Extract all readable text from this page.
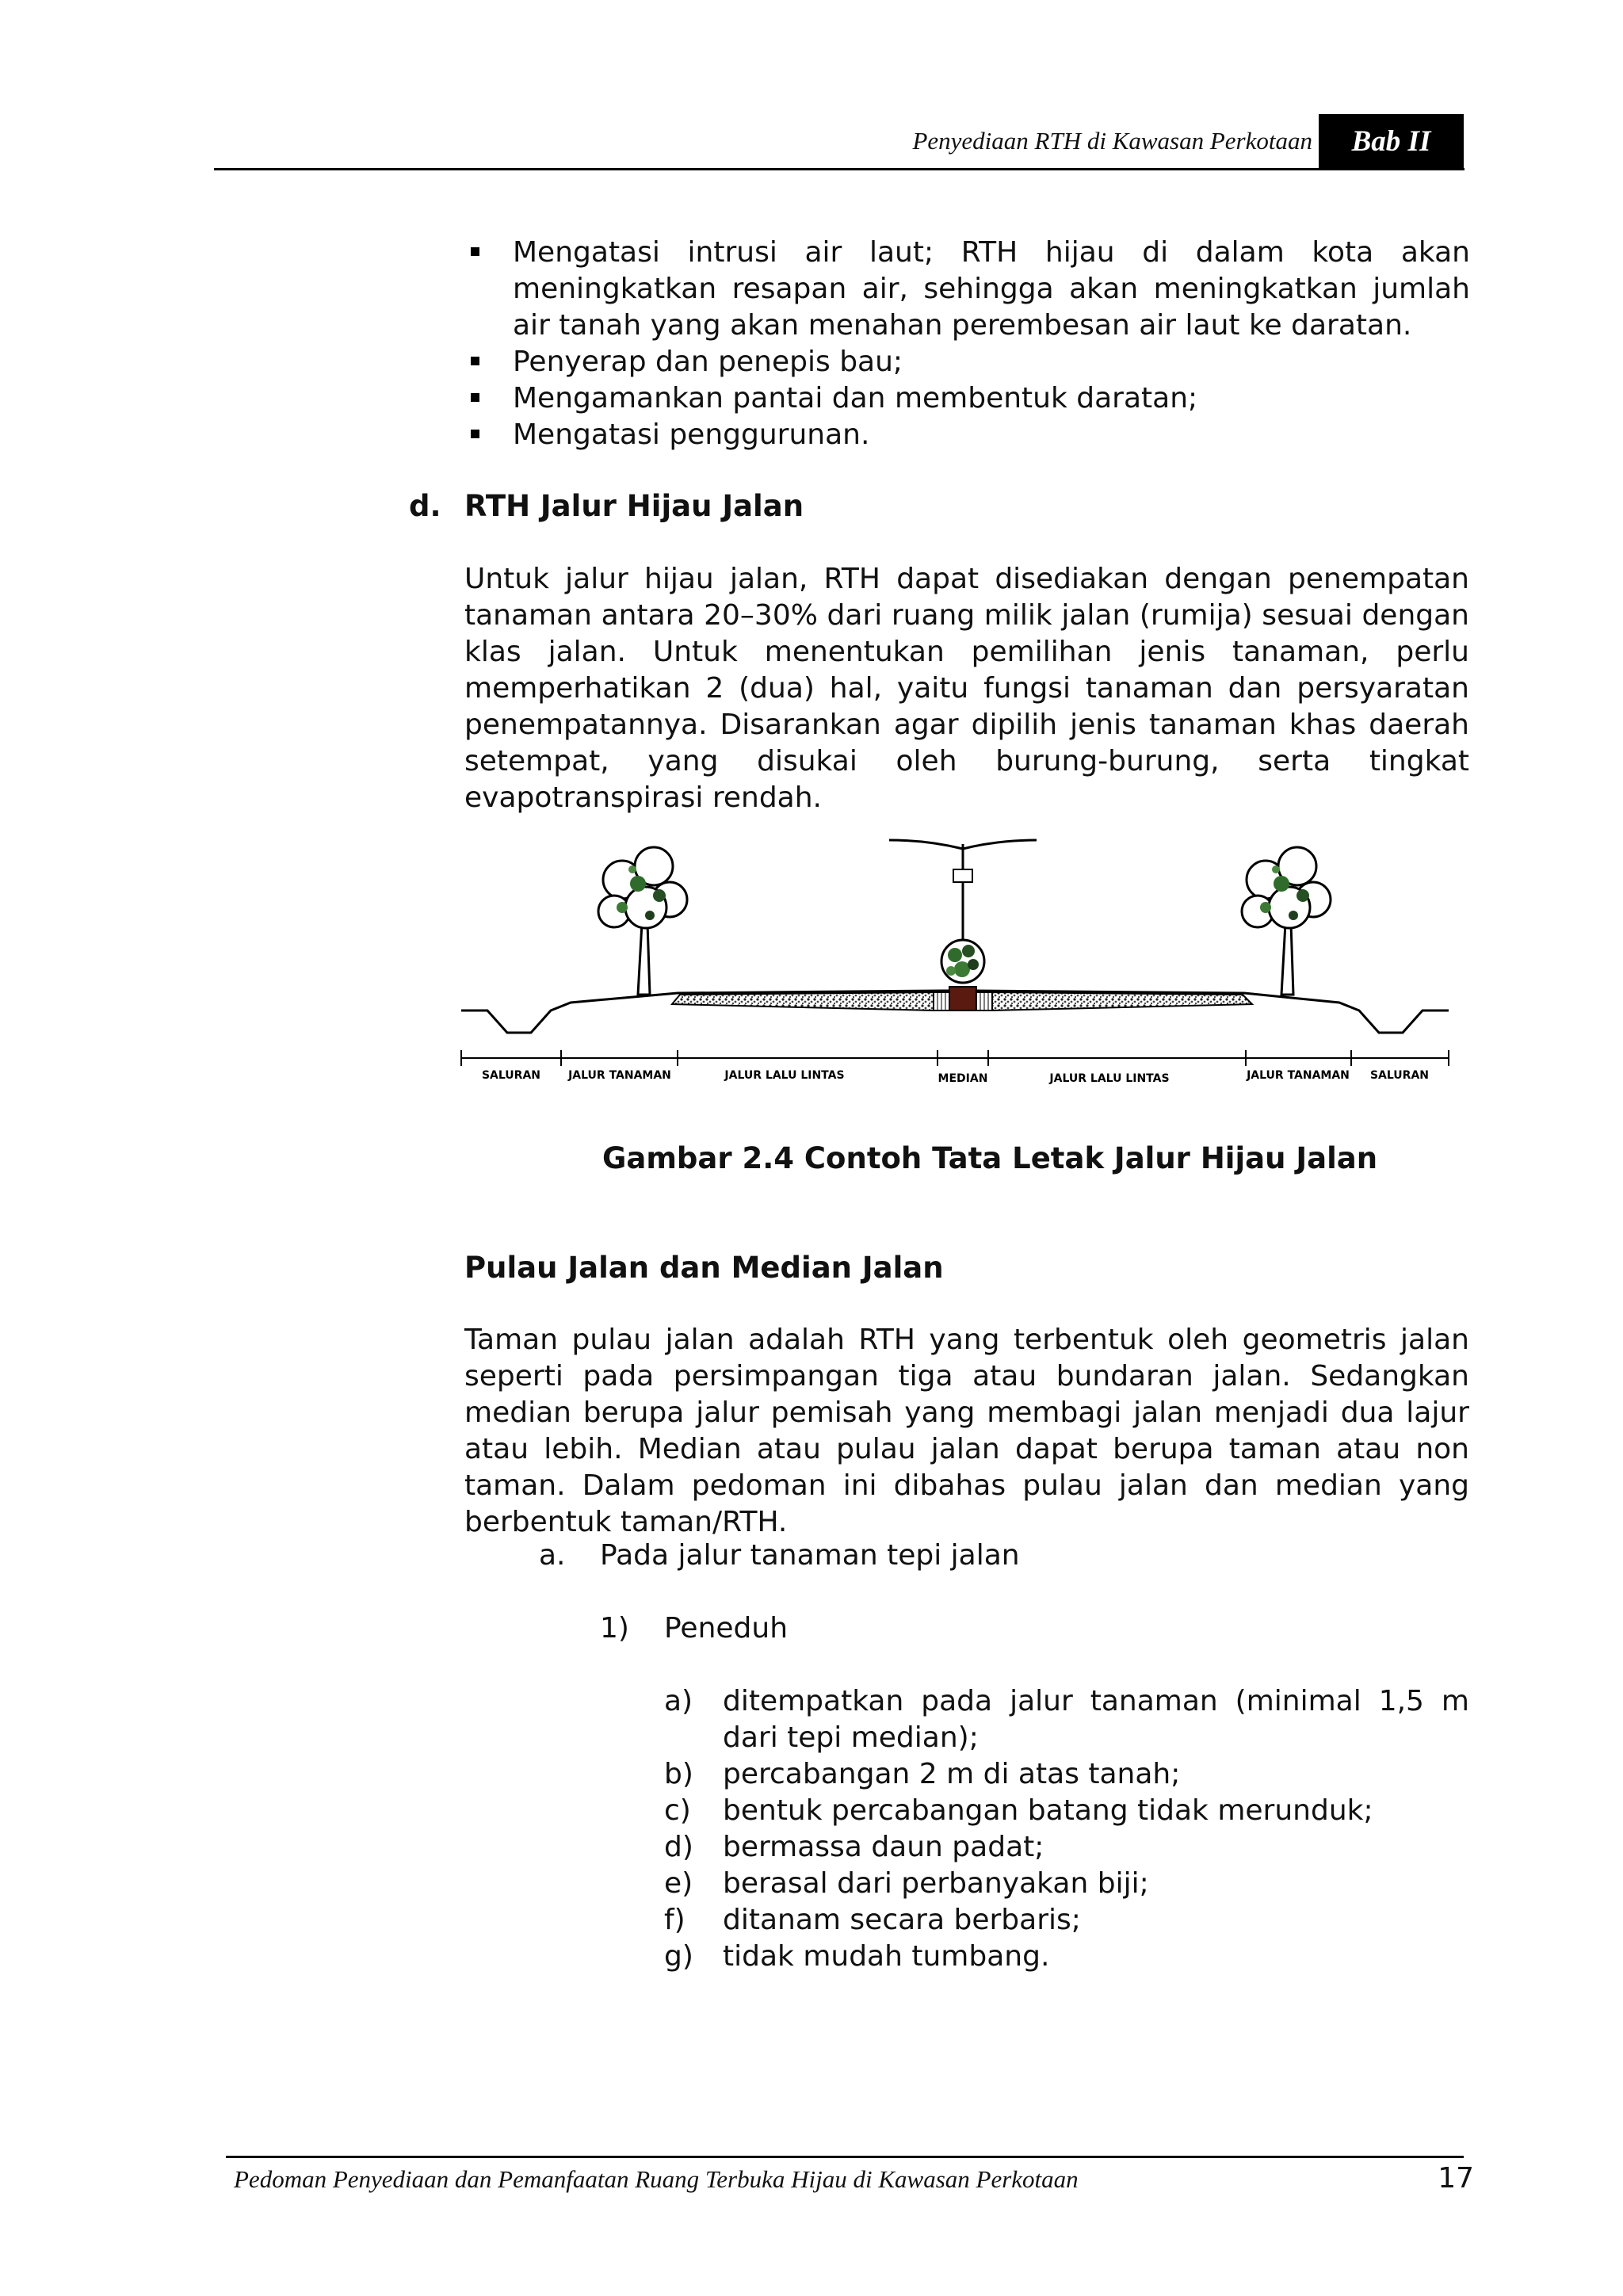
Penyediaan RTH di Kawasan Perkotaan	Bab II
Mengatasi intrusi air laut; RTH hijau di dalam kota akan meningkatkan resapan air, sehingga akan meningkatkan jumlah air tanah yang akan menahan perembesan air laut ke daratan.
Penyerap dan penepis bau;
Mengamankan pantai dan membentuk daratan;
Mengatasi penggurunan.
d. RTH Jalur Hijau Jalan
Untuk jalur hijau jalan, RTH dapat disediakan dengan penempatan tanaman antara 20–30% dari ruang milik jalan (rumija) sesuai dengan klas jalan. Untuk menentukan pemilihan jenis tanaman, perlu memperhatikan 2 (dua) hal, yaitu fungsi tanaman dan persyaratan penempatannya. Disarankan agar dipilih jenis tanaman khas daerah setempat, yang disukai oleh burung-burung, serta tingkat evapotranspirasi rendah.
SALURAN	JALUR TANAMAN	JALUR LALU LINTAS	MEDIAN	JALUR LALU LINTAS	JALUR TANAMAN SALURAN
Gambar 2.4 Contoh Tata Letak Jalur Hijau Jalan
Pulau Jalan dan Median Jalan
Taman pulau jalan adalah RTH yang terbentuk oleh geometris jalan seperti pada persimpangan tiga atau bundaran jalan. Sedangkan median berupa jalur pemisah yang membagi jalan menjadi dua lajur atau lebih. Median atau pulau jalan dapat berupa taman atau non taman. Dalam pedoman ini dibahas pulau jalan dan median yang berbentuk taman/RTH.
a. Pada jalur tanaman tepi jalan
1) Peneduh
a) ditempatkan pada jalur tanaman (minimal 1,5 m dari tepi median);
b) percabangan 2 m di atas tanah;
c) bentuk percabangan batang tidak merunduk;
d) bermassa daun padat;
e) berasal dari perbanyakan biji;
f) ditanam secara berbaris;
g) tidak mudah tumbang.
Pedoman Penyediaan dan Pemanfaatan Ruang Terbuka Hijau di Kawasan Perkotaan	17
